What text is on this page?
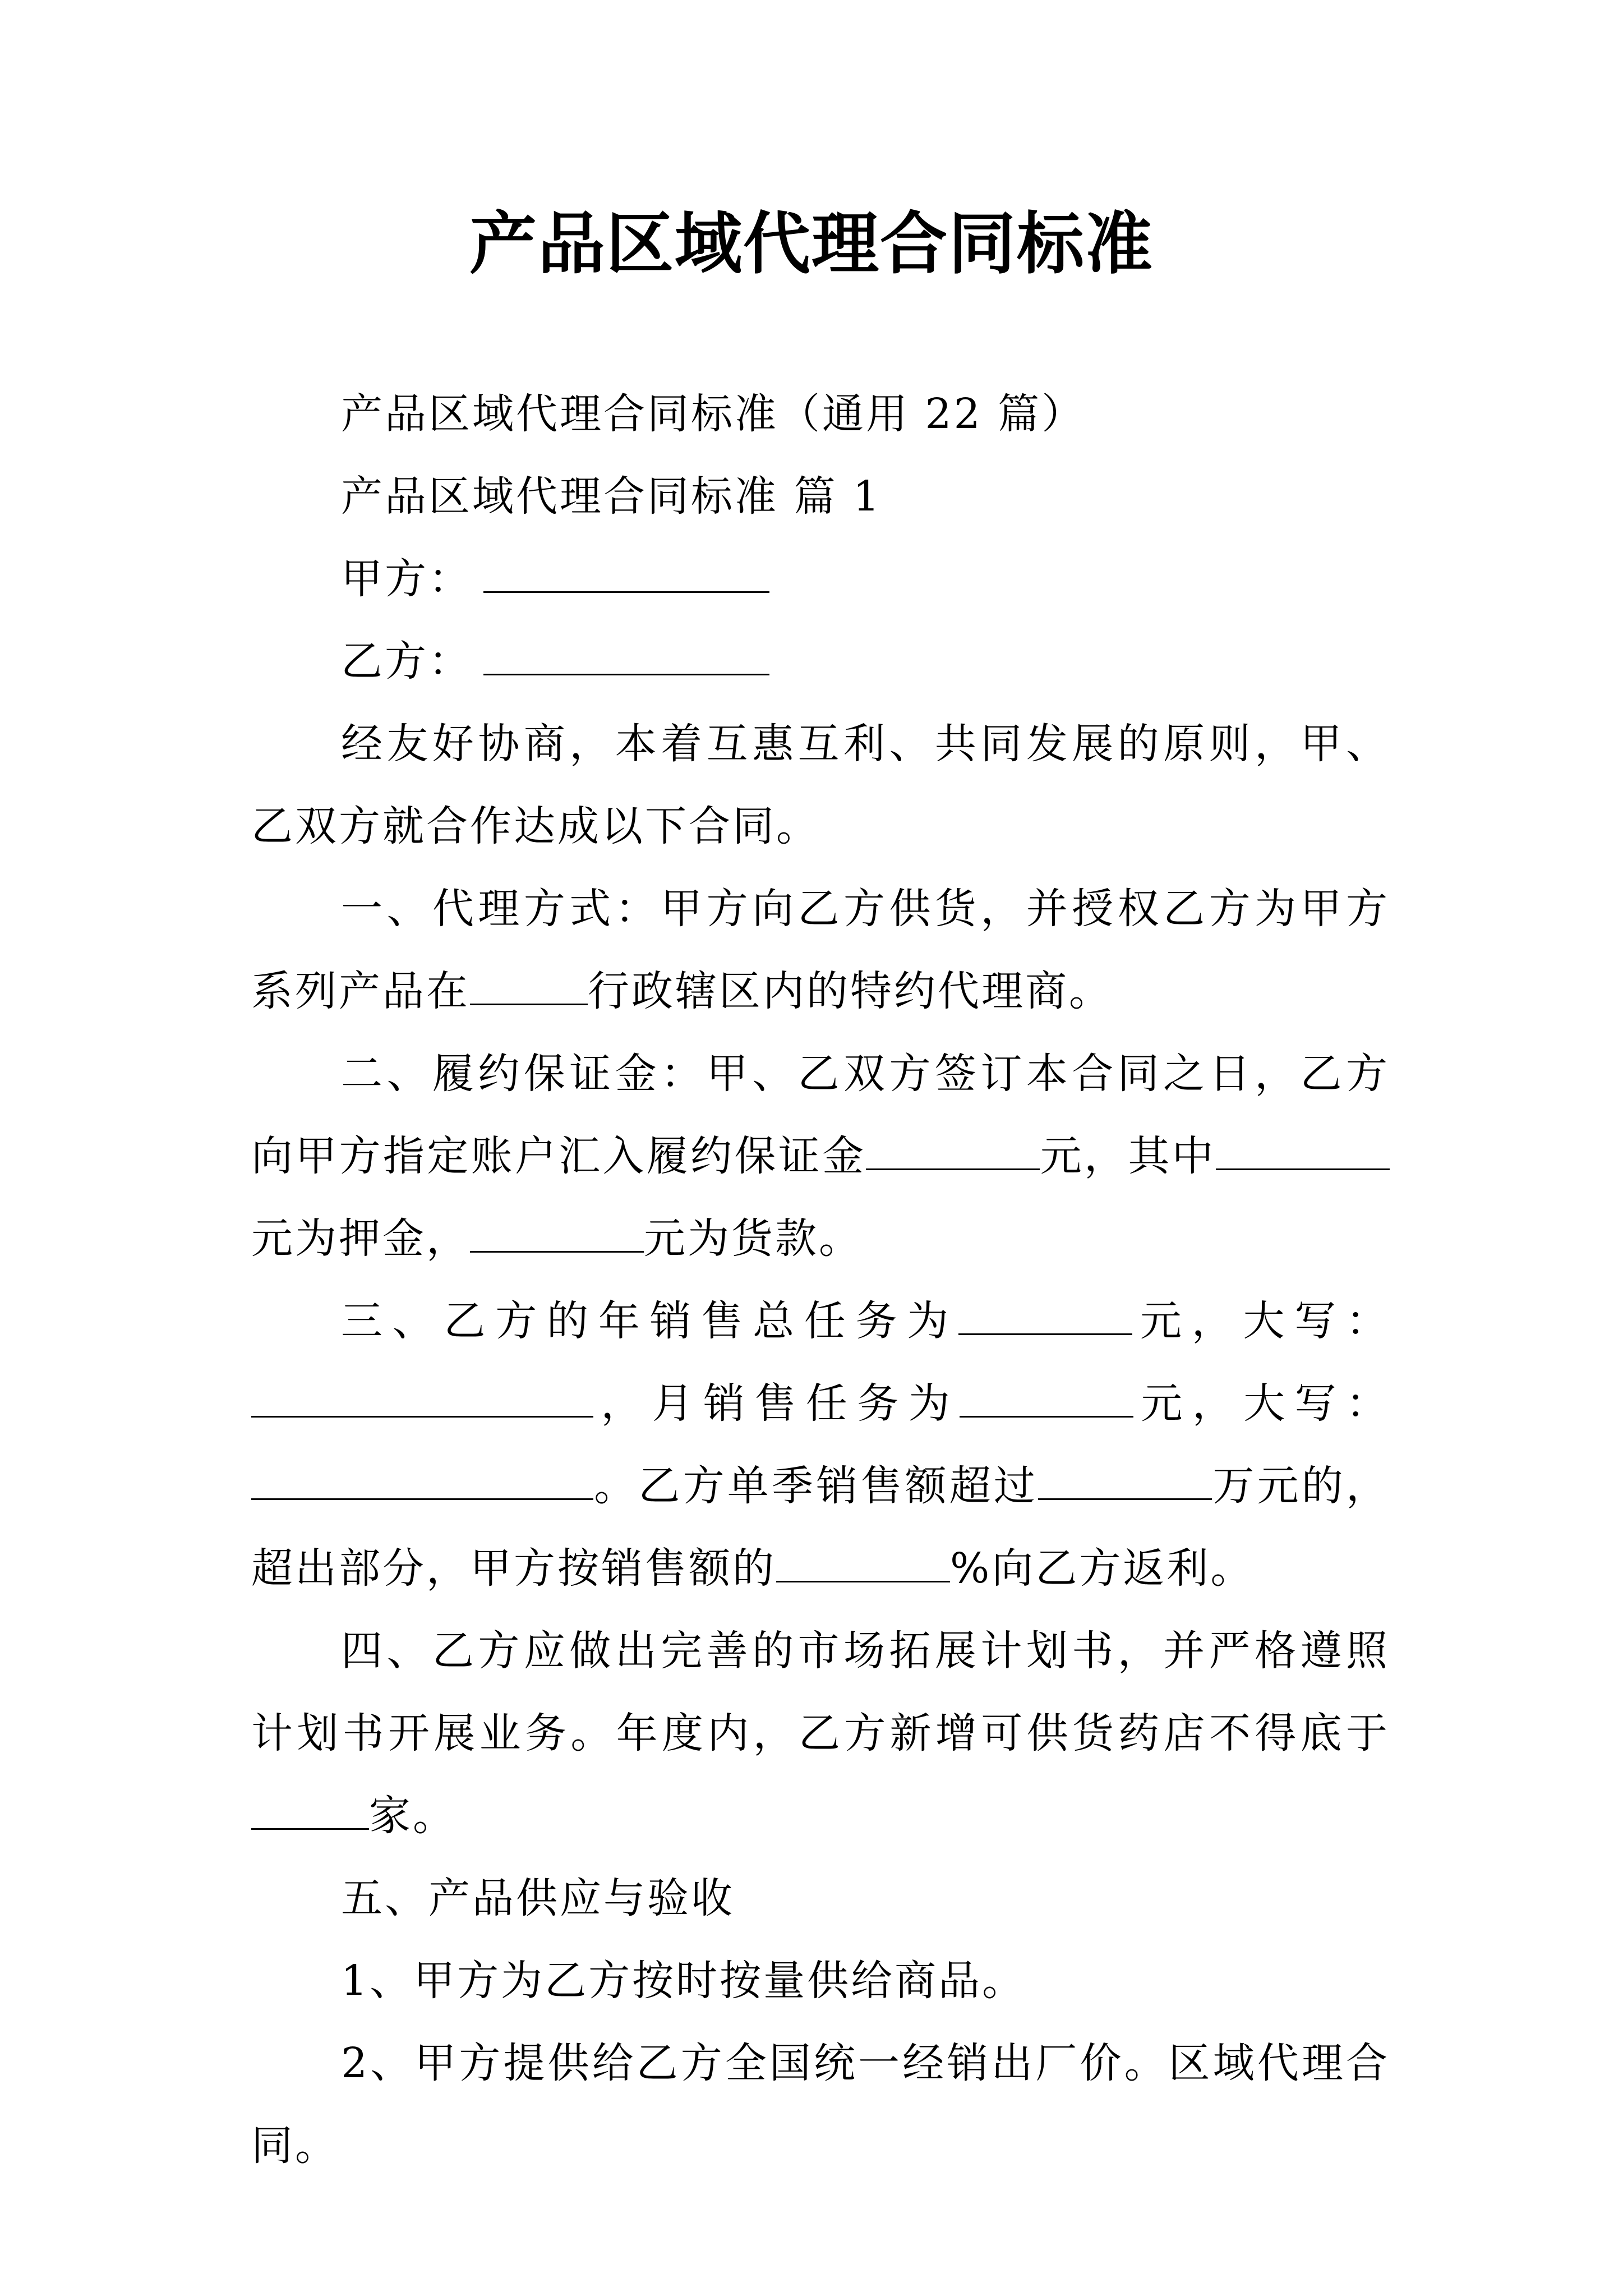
产品区域代理合同标准

产品区域代理合同标准（通用 22 篇）

产品区域代理合同标准 篇 1

甲方：

乙方：

经友好协商，本着互惠互利、共同发展的原则，甲、乙双方就合作达成以下合同。

一、代理方式：甲方向乙方供货，并授权乙方为甲方系列产品在	行政辖区内的特约代理商。

二、履约保证金：甲、乙双方签订本合同之日，乙方向甲方指定账户汇入履约保证金	元，其中元为押金，	元为货款。

三、乙方的年销售总任务为	元，大写：，月销售任务为	元，大写：。乙方单季销售额超过	万元的，超出部分，甲方按销售额的	%向乙方返利。

四、乙方应做出完善的市场拓展计划书，并严格遵照计划书开展业务。年度内，乙方新增可供货药店不得底于家。

五、产品供应与验收

1、甲方为乙方按时按量供给商品。

2、甲方提供给乙方全国统一经销出厂价。区域代理合同。
